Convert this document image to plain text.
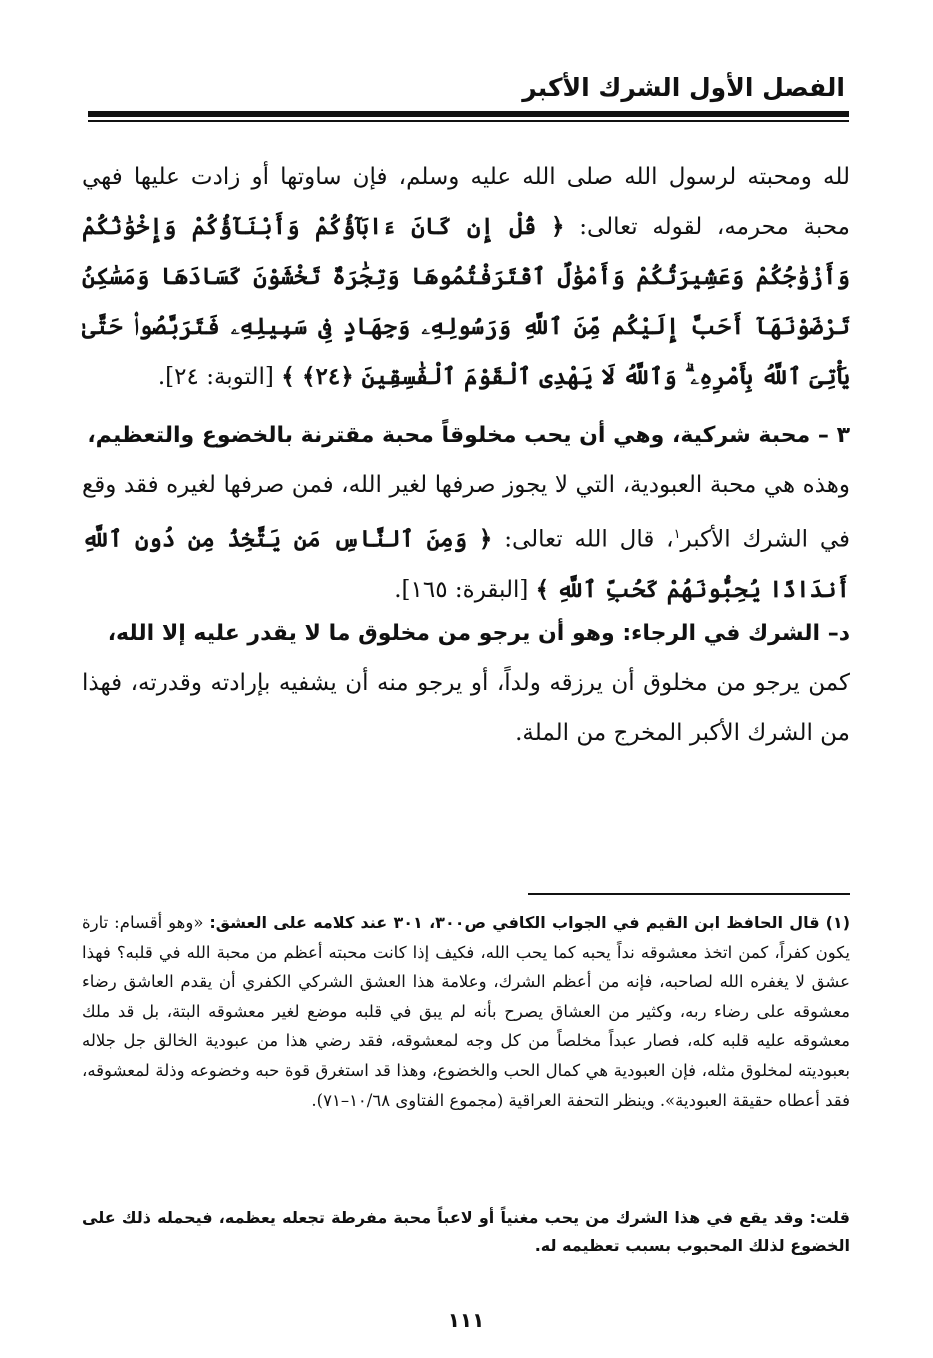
الفصل الأول الشرك الأكبر

لله ومحبته لرسول الله صلى الله عليه وسلم، فإن ساوتها أو زادت عليها فهي محبة محرمه، لقوله تعالى: ﴿ قُلْ إِن كَانَ ءَابَآؤُكُمْ وَأَبْنَآؤُكُمْ وَإِخْوَٰنُكُمْ وَأَزْوَٰجُكُمْ وَعَشِيرَتُكُمْ وَأَمْوَٰلٌ ٱقْتَرَفْتُمُوهَا وَتِجَٰرَةٌ تَخْشَوْنَ كَسَادَهَا وَمَسَٰكِنُ تَرْضَوْنَهَآ أَحَبَّ إِلَيْكُم مِّنَ ٱللَّهِ وَرَسُولِهِۦ وَجِهَادٍ فِى سَبِيلِهِۦ فَتَرَبَّصُوا۟ حَتَّىٰ يَأْتِىَ ٱللَّهُ بِأَمْرِهِۦ ۗ وَٱللَّهُ لَا يَهْدِى ٱلْقَوْمَ ٱلْفَٰسِقِينَ ﴿٢٤﴾ ﴾ [التوبة: ٢٤].

٣ – محبة شركية، وهي أن يحب مخلوقاً محبة مقترنة بالخضوع والتعظيم،

وهذه هي محبة العبودية، التي لا يجوز صرفها لغير الله، فمن صرفها لغيره فقد وقع في الشرك الأكبر$^١$، قال الله تعالى: ﴿ وَمِنَ ٱلنَّاسِ مَن يَتَّخِذُ مِن دُونِ ٱللَّهِ أَندَادًا يُحِبُّونَهُمْ كَحُبِّ ٱللَّهِ ﴾ [البقرة: ١٦٥].

د– الشرك في الرجاء: وهو أن يرجو من مخلوق ما لا يقدر عليه إلا الله،

كمن يرجو من مخلوق أن يرزقه ولداً، أو يرجو منه أن يشفيه بإرادته وقدرته، فهذا من الشرك الأكبر المخرج من الملة.

(١) قال الحافظ ابن القيم في الجواب الكافي ص٣٠٠، ٣٠١ عند كلامه على العشق: «وهو أقسام: تارة يكون كفراً، كمن اتخذ معشوقه نداً يحبه كما يحب الله، فكيف إذا كانت محبته أعظم من محبة الله في قلبه؟ فهذا عشق لا يغفره الله لصاحبه، فإنه من أعظم الشرك، وعلامة هذا العشق الشركي الكفري أن يقدم العاشق رضاء معشوقه على رضاء ربه، وكثير من العشاق يصرح بأنه لم يبق في قلبه موضع لغير معشوقه البتة، بل قد ملك معشوقه عليه قلبه كله، فصار عبداً مخلصاً من كل وجه لمعشوقه، فقد رضي هذا من عبودية الخالق جل جلاله بعبوديته لمخلوق مثله، فإن العبودية هي كمال الحب والخضوع، وهذا قد استغرق قوة حبه وخضوعه وذلة لمعشوقه، فقد أعطاه حقيقة العبودية». وينظر التحفة العراقية (مجموع الفتاوى ١٠/٦٨–٧١).

قلت: وقد يقع في هذا الشرك من يحب مغنياً أو لاعباً محبة مفرطة تجعله يعظمه، فيحمله ذلك على الخضوع لذلك المحبوب بسبب تعظيمه له.

١١١
